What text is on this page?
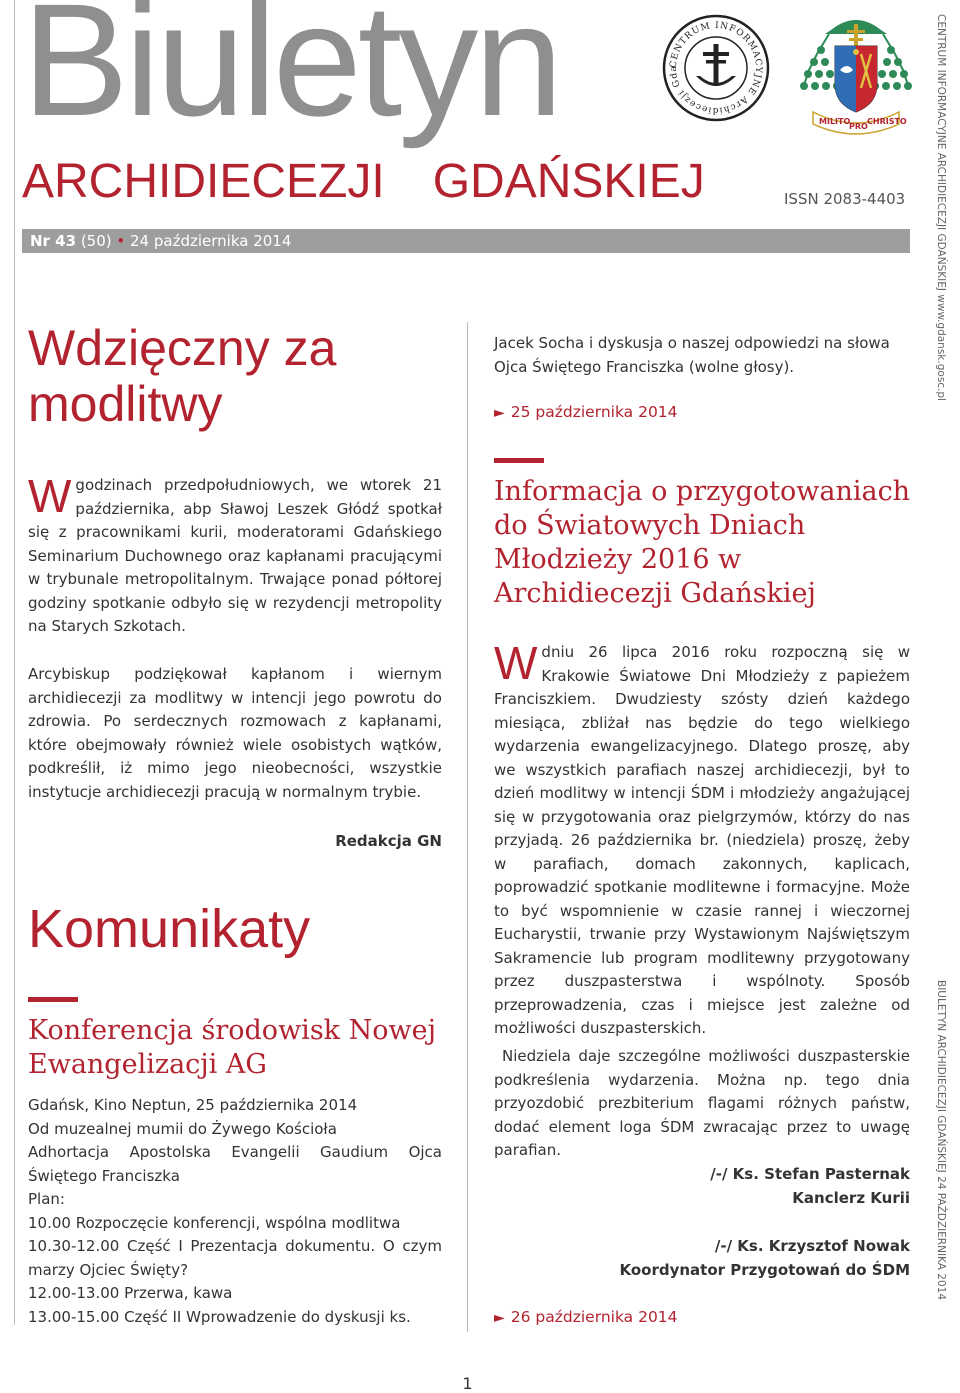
Biuletyn
ARCHIDIECEZJI GDAŃSKIEJ	ISSN 2083-4403
Nr 43 (50) • 24 października 2014
CENTRUM INFORMACYJNE Archidiecezji Gda
MILITO
PRO
CHRISTO	CENTRUM INFORMACYJNE ARCHIDIECEZJI GDAŃSKIEJ www.gdansk.gosc.pl
BIULETYN ARCHIDIECEZJI GDAŃSKIEJ 24 PAŹDZIERNIKA 2014
Wdzięczny za modlitwy
Wgodzinach przedpołudniowych, we wtorek 21 października, abp Sławoj Leszek Głódź spotkał się z pracownikami kurii, moderatorami Gdańskiego Seminarium Duchownego oraz kapłanami pracującymi w trybunale metropolitalnym. Trwające ponad półtorej godziny spotkanie odbyło się w rezydencji metropolity na Starych Szkotach.
Arcybiskup podziękował kapłanom i wiernym archidiecezji za modlitwy w intencji jego powrotu do zdrowia. Po serdecznych rozmowach z kapłanami, które obejmowały również wiele osobistych wątków, podkreślił, iż mimo jego nieobecności, wszystkie instytucje archidiecezji pracują w normalnym trybie.
Redakcja GN
Komunikaty
Konferencja środowisk Nowej Ewangelizacji AG
Gdańsk, Kino Neptun, 25 października 2014
Od muzealnej mumii do Żywego Kościoła
Adhortacja Apostolska Evangelii Gaudium Ojca Świętego Franciszka
Plan:
10.00 Rozpoczęcie konferencji, wspólna modlitwa
10.30-12.00 Część I Prezentacja dokumentu. O czym marzy Ojciec Święty?
12.00-13.00 Przerwa, kawa
13.00-15.00 Część II Wprowadzenie do dyskusji ks.
Jacek Socha i dyskusja o naszej odpowiedzi na słowa Ojca Świętego Franciszka (wolne głosy).
► 25 października 2014
Informacja o przygotowaniach do Światowych Dniach Młodzieży 2016 w Archidiecezji Gdańskiej
Wdniu 26 lipca 2016 roku rozpoczną się w Krakowie Światowe Dni Młodzieży z papieżem Franciszkiem. Dwudziesty szósty dzień każdego miesiąca, zbliżał nas będzie do tego wielkiego wydarzenia ewangelizacyjnego. Dlatego proszę, aby we wszystkich parafiach naszej archidiecezji, był to dzień modlitwy w intencji ŚDM i młodzieży angażującej się w przygotowania oraz pielgrzymów, którzy do nas przyjadą. 26 października br. (niedziela) proszę, żeby w parafiach, domach zakonnych, kaplicach, poprowadzić spotkanie modlitewne i formacyjne. Może to być wspomnienie w czasie rannej i wieczornej Eucharystii, trwanie przy Wystawionym Najświętszym Sakramencie lub program modlitewny przygotowany przez duszpasterstwa i wspólnoty. Sposób przeprowadzenia, czas i miejsce jest zależne od możliwości duszpasterskich.
Niedziela daje szczególne możliwości duszpasterskie podkreślenia wydarzenia. Można np. tego dnia przyozdobić prezbiterium flagami różnych państw, dodać element loga ŚDM zwracając przez to uwagę parafian.
/-/ Ks. Stefan Pasternak
Kanclerz Kurii
/-/ Ks. Krzysztof Nowak
Koordynator Przygotowań do ŚDM
► 26 października 2014
1
